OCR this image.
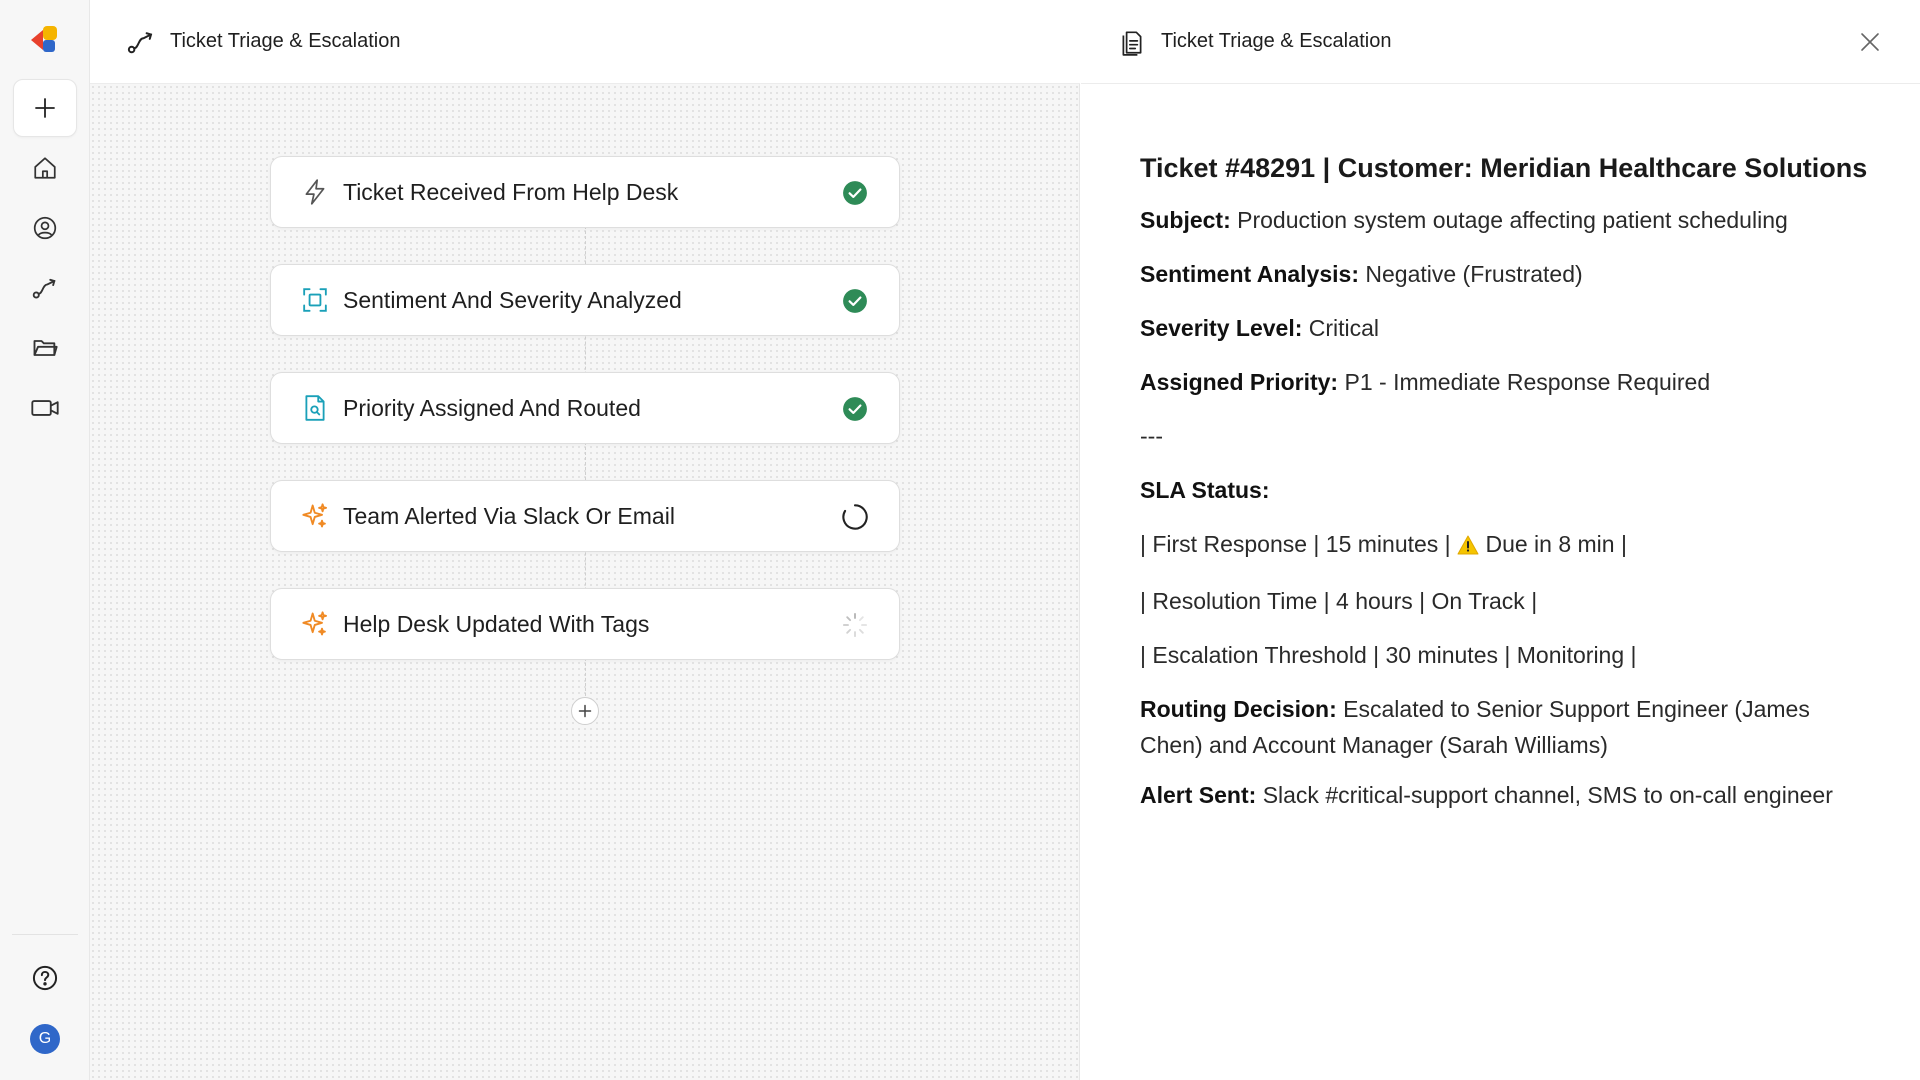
G
Ticket Triage & Escalation
Ticket Received From Help Desk
Sentiment And Severity Analyzed
Priority Assigned And Routed
Team Alerted Via Slack Or Email
Help Desk Updated With Tags
Ticket Triage & Escalation
Ticket #48291 | Customer: Meridian Healthcare Solutions
Subject: Production system outage affecting patient scheduling
Sentiment Analysis: Negative (Frustrated)
Severity Level: Critical
Assigned Priority: P1 - Immediate Response Required
---
SLA Status:
| First Response | 15 minutes | Due in 8 min |
| Resolution Time | 4 hours | On Track |
| Escalation Threshold | 30 minutes | Monitoring |
Routing Decision: Escalated to Senior Support Engineer (James Chen) and Account Manager (Sarah Williams)
Alert Sent: Slack #critical-support channel, SMS to on-call engineer
